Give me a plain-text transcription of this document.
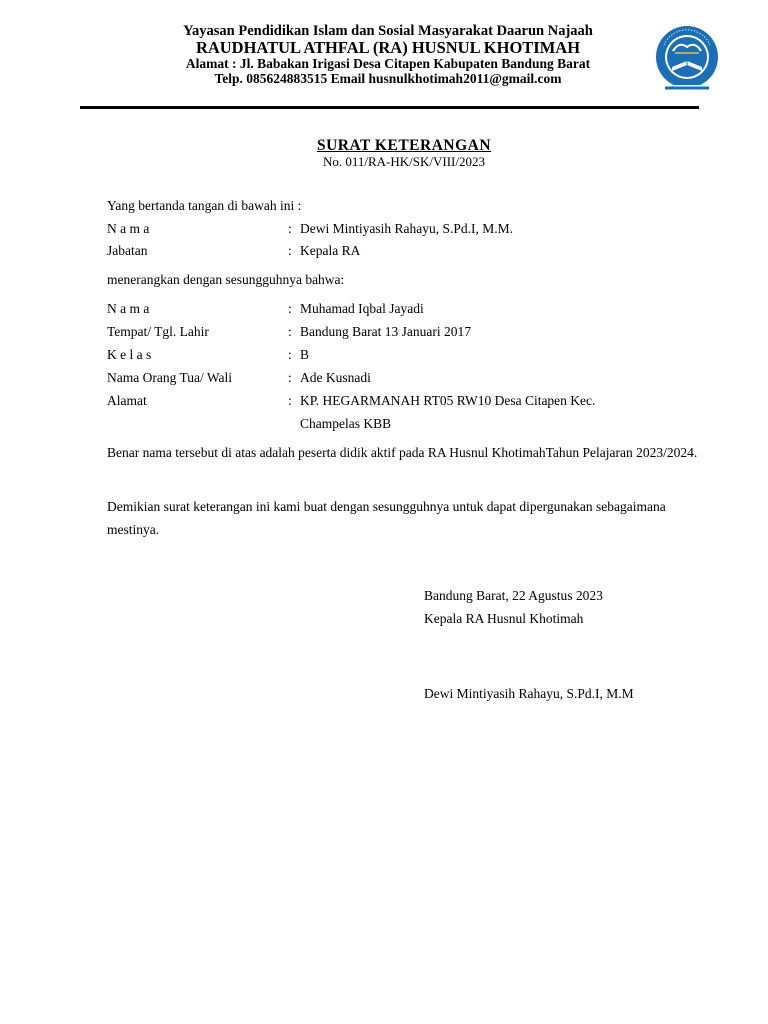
Yayasan Pendidikan Islam dan Sosial Masyarakat Daarun Najaah
RAUDHATUL ATHFAL (RA) HUSNUL KHOTIMAH
Alamat : Jl. Babakan Irigasi Desa Citapen Kabupaten Bandung Barat
Telp. 085624883515 Email husnulkhotimah2011@gmail.com
SURAT KETERANGAN
No. 011/RA-HK/SK/VIII/2023
Yang bertanda tangan di bawah ini :
N a m a	: Dewi Mintiyasih Rahayu, S.Pd.I, M.M.
Jabatan	: Kepala RA
menerangkan dengan sesungguhnya bahwa:
N a m a	: Muhamad Iqbal Jayadi
Tempat/ Tgl. Lahir	: Bandung Barat 13 Januari 2017
K e l a s	: B
Nama Orang Tua/ Wali	: Ade Kusnadi
Alamat	: KP. HEGARMANAH RT05 RW10 Desa Citapen Kec.
Champelas KBB
Benar nama tersebut di atas adalah peserta didik aktif pada RA Husnul KhotimahTahun Pelajaran 2023/2024.
Demikian surat keterangan ini kami buat dengan sesungguhnya untuk dapat dipergunakan sebagaimana mestinya.
Bandung Barat, 22 Agustus 2023
Kepala RA Husnul Khotimah
Dewi Mintiyasih Rahayu, S.Pd.I, M.M
